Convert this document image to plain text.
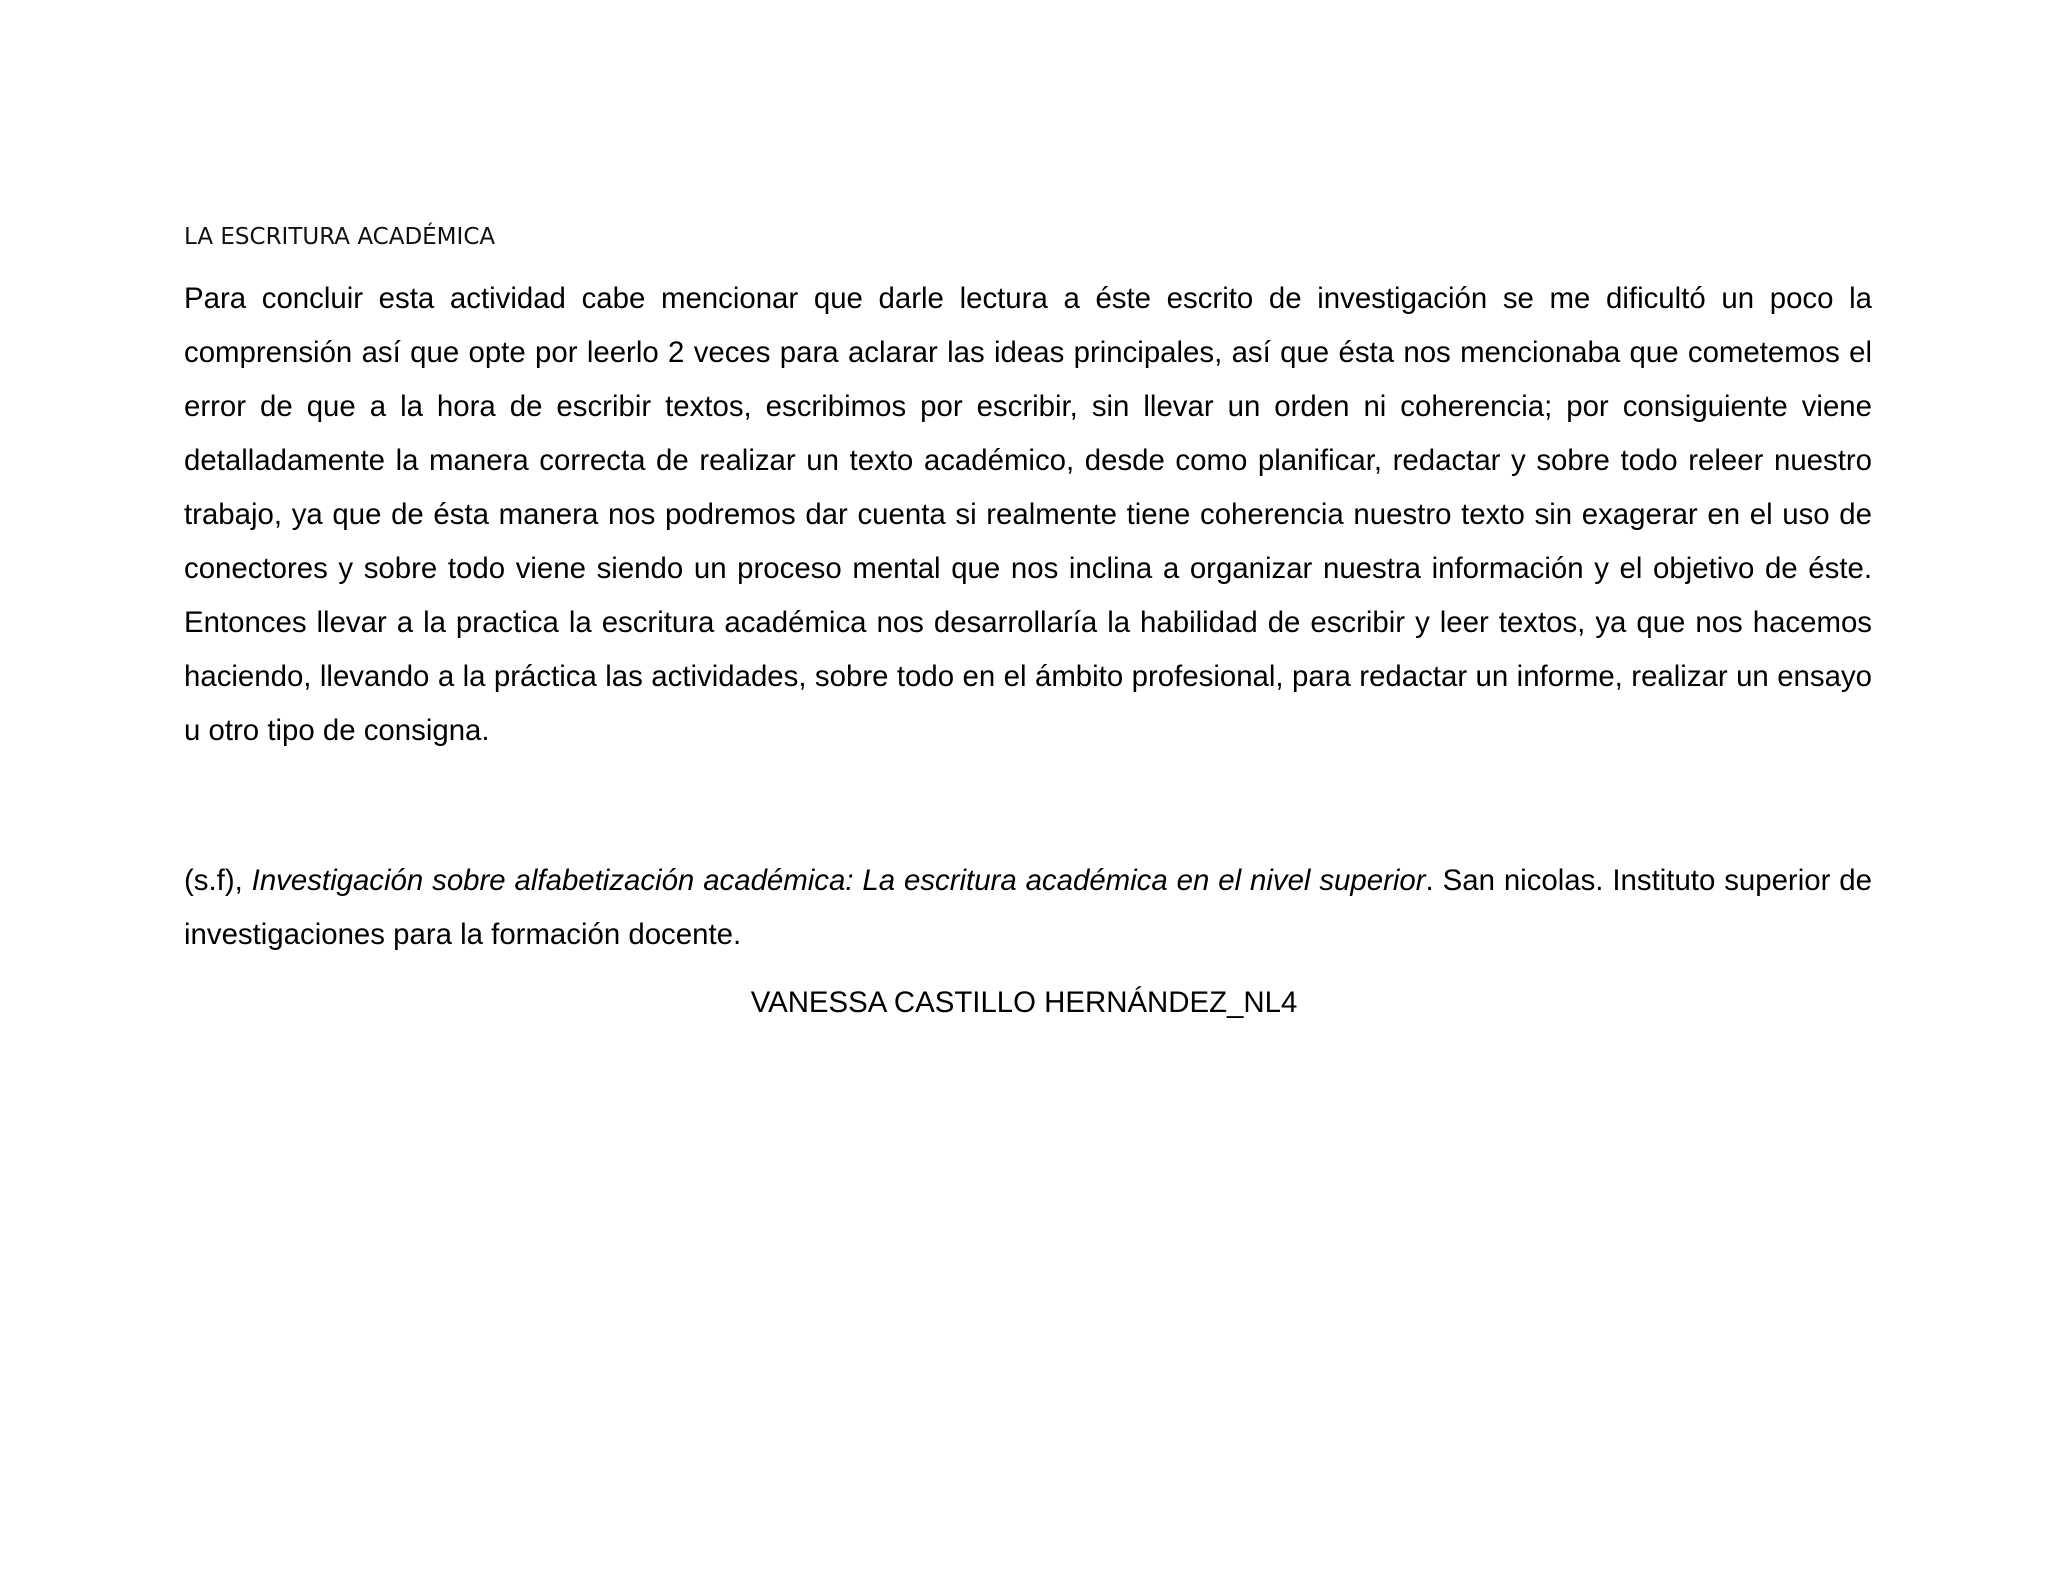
LA ESCRITURA ACADÉMICA

Para concluir esta actividad cabe mencionar que darle lectura a éste escrito de investigación se me dificultó un poco la comprensión así que opte por leerlo 2 veces para aclarar las ideas principales, así que ésta nos mencionaba que cometemos el error de que a la hora de escribir textos, escribimos por escribir, sin llevar un orden ni coherencia; por consiguiente viene detalladamente la manera correcta de realizar un texto académico, desde como planificar, redactar y sobre todo releer nuestro trabajo, ya que de ésta manera nos podremos dar cuenta si realmente tiene coherencia nuestro texto sin exagerar en el uso de conectores y sobre todo viene siendo un proceso mental que nos inclina a organizar nuestra información y el objetivo de éste. Entonces llevar a la practica la escritura académica nos desarrollaría la habilidad de escribir y leer textos, ya que nos hacemos haciendo, llevando a la práctica las actividades, sobre todo en el ámbito profesional, para redactar un informe, realizar un ensayo u otro tipo de consigna.

(s.f), Investigación sobre alfabetización académica: La escritura académica en el nivel superior. San nicolas. Instituto superior de investigaciones para la formación docente.

VANESSA CASTILLO HERNÁNDEZ_NL4
